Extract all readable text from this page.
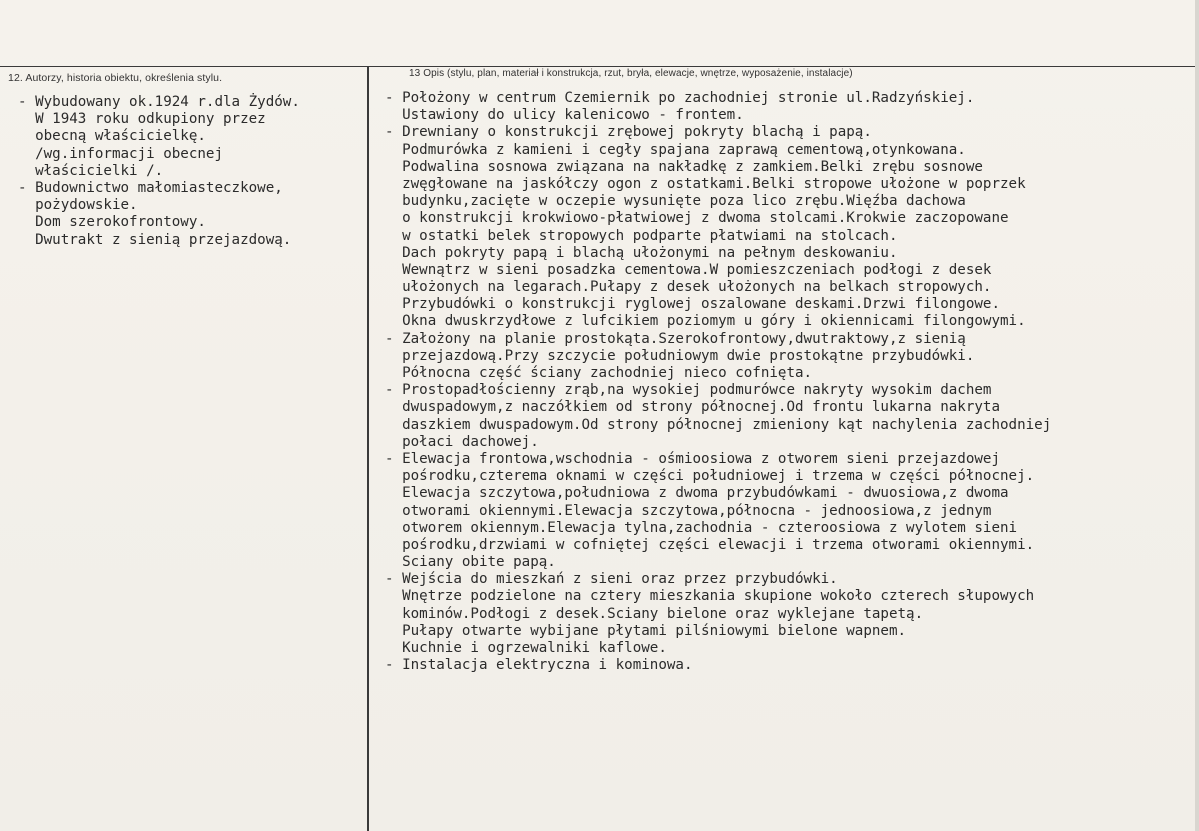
12. Autorzy, historia obiektu, określenia stylu.	13 Opis (stylu, plan, materiał i konstrukcja, rzut, bryła, elewacje, wnętrze, wyposażenie, instalacje)
- Wybudowany ok.1924 r.dla Żydów.
W 1943 roku odkupiony przez
obecną właścicielkę.
/wg.informacji obecnej
właścicielki /.
- Budownictwo małomiasteczkowe,
pożydowskie.
Dom szerokofrontowy.
Dwutrakt z sienią przejazdową.
- Położony w centrum Czemiernik po zachodniej stronie ul.Radzyńskiej.
Ustawiony do ulicy kalenicowo - frontem.
- Drewniany o konstrukcji zrębowej pokryty blachą i papą.
Podmurówka z kamieni i cegły spajana zaprawą cementową,otynkowana.
Podwalina sosnowa związana na nakładkę z zamkiem.Belki zrębu sosnowe
zwęgłowane na jaskółczy ogon z ostatkami.Belki stropowe ułożone w poprzek
budynku,zacięte w oczepie wysunięte poza lico zrębu.Więźba dachowa
o konstrukcji krokwiowo-płatwiowej z dwoma stolcami.Krokwie zaczopowane
w ostatki belek stropowych podparte płatwiami na stolcach.
Dach pokryty papą i blachą ułożonymi na pełnym deskowaniu.
Wewnątrz w sieni posadzka cementowa.W pomieszczeniach podłogi z desek
ułożonych na legarach.Pułapy z desek ułożonych na belkach stropowych.
Przybudówki o konstrukcji ryglowej oszalowane deskami.Drzwi filongowe.
Okna dwuskrzydłowe z lufcikiem poziomym u góry i okiennicami filongowymi.
- Założony na planie prostokąta.Szerokofrontowy,dwutraktowy,z sienią
przejazdową.Przy szczycie południowym dwie prostokątne przybudówki.
Północna część ściany zachodniej nieco cofnięta.
- Prostopadłościenny zrąb,na wysokiej podmurówce nakryty wysokim dachem
dwuspadowym,z naczółkiem od strony północnej.Od frontu lukarna nakryta
daszkiem dwuspadowym.Od strony północnej zmieniony kąt nachylenia zachodniej
połaci dachowej.
- Elewacja frontowa,wschodnia - ośmioosiowa z otworem sieni przejazdowej
pośrodku,czterema oknami w części południowej i trzema w części północnej.
Elewacja szczytowa,południowa z dwoma przybudówkami - dwuosiowa,z dwoma
otworami okiennymi.Elewacja szczytowa,północna - jednoosiowa,z jednym
otworem okiennym.Elewacja tylna,zachodnia - czteroosiowa z wylotem sieni
pośrodku,drzwiami w cofniętej części elewacji i trzema otworami okiennymi.
Sciany obite papą.
- Wejścia do mieszkań z sieni oraz przez przybudówki.
Wnętrze podzielone na cztery mieszkania skupione wokoło czterech słupowych
kominów.Podłogi z desek.Sciany bielone oraz wyklejane tapetą.
Pułapy otwarte wybijane płytami pilśniowymi bielone wapnem.
Kuchnie i ogrzewalniki kaflowe.
- Instalacja elektryczna i kominowa.
